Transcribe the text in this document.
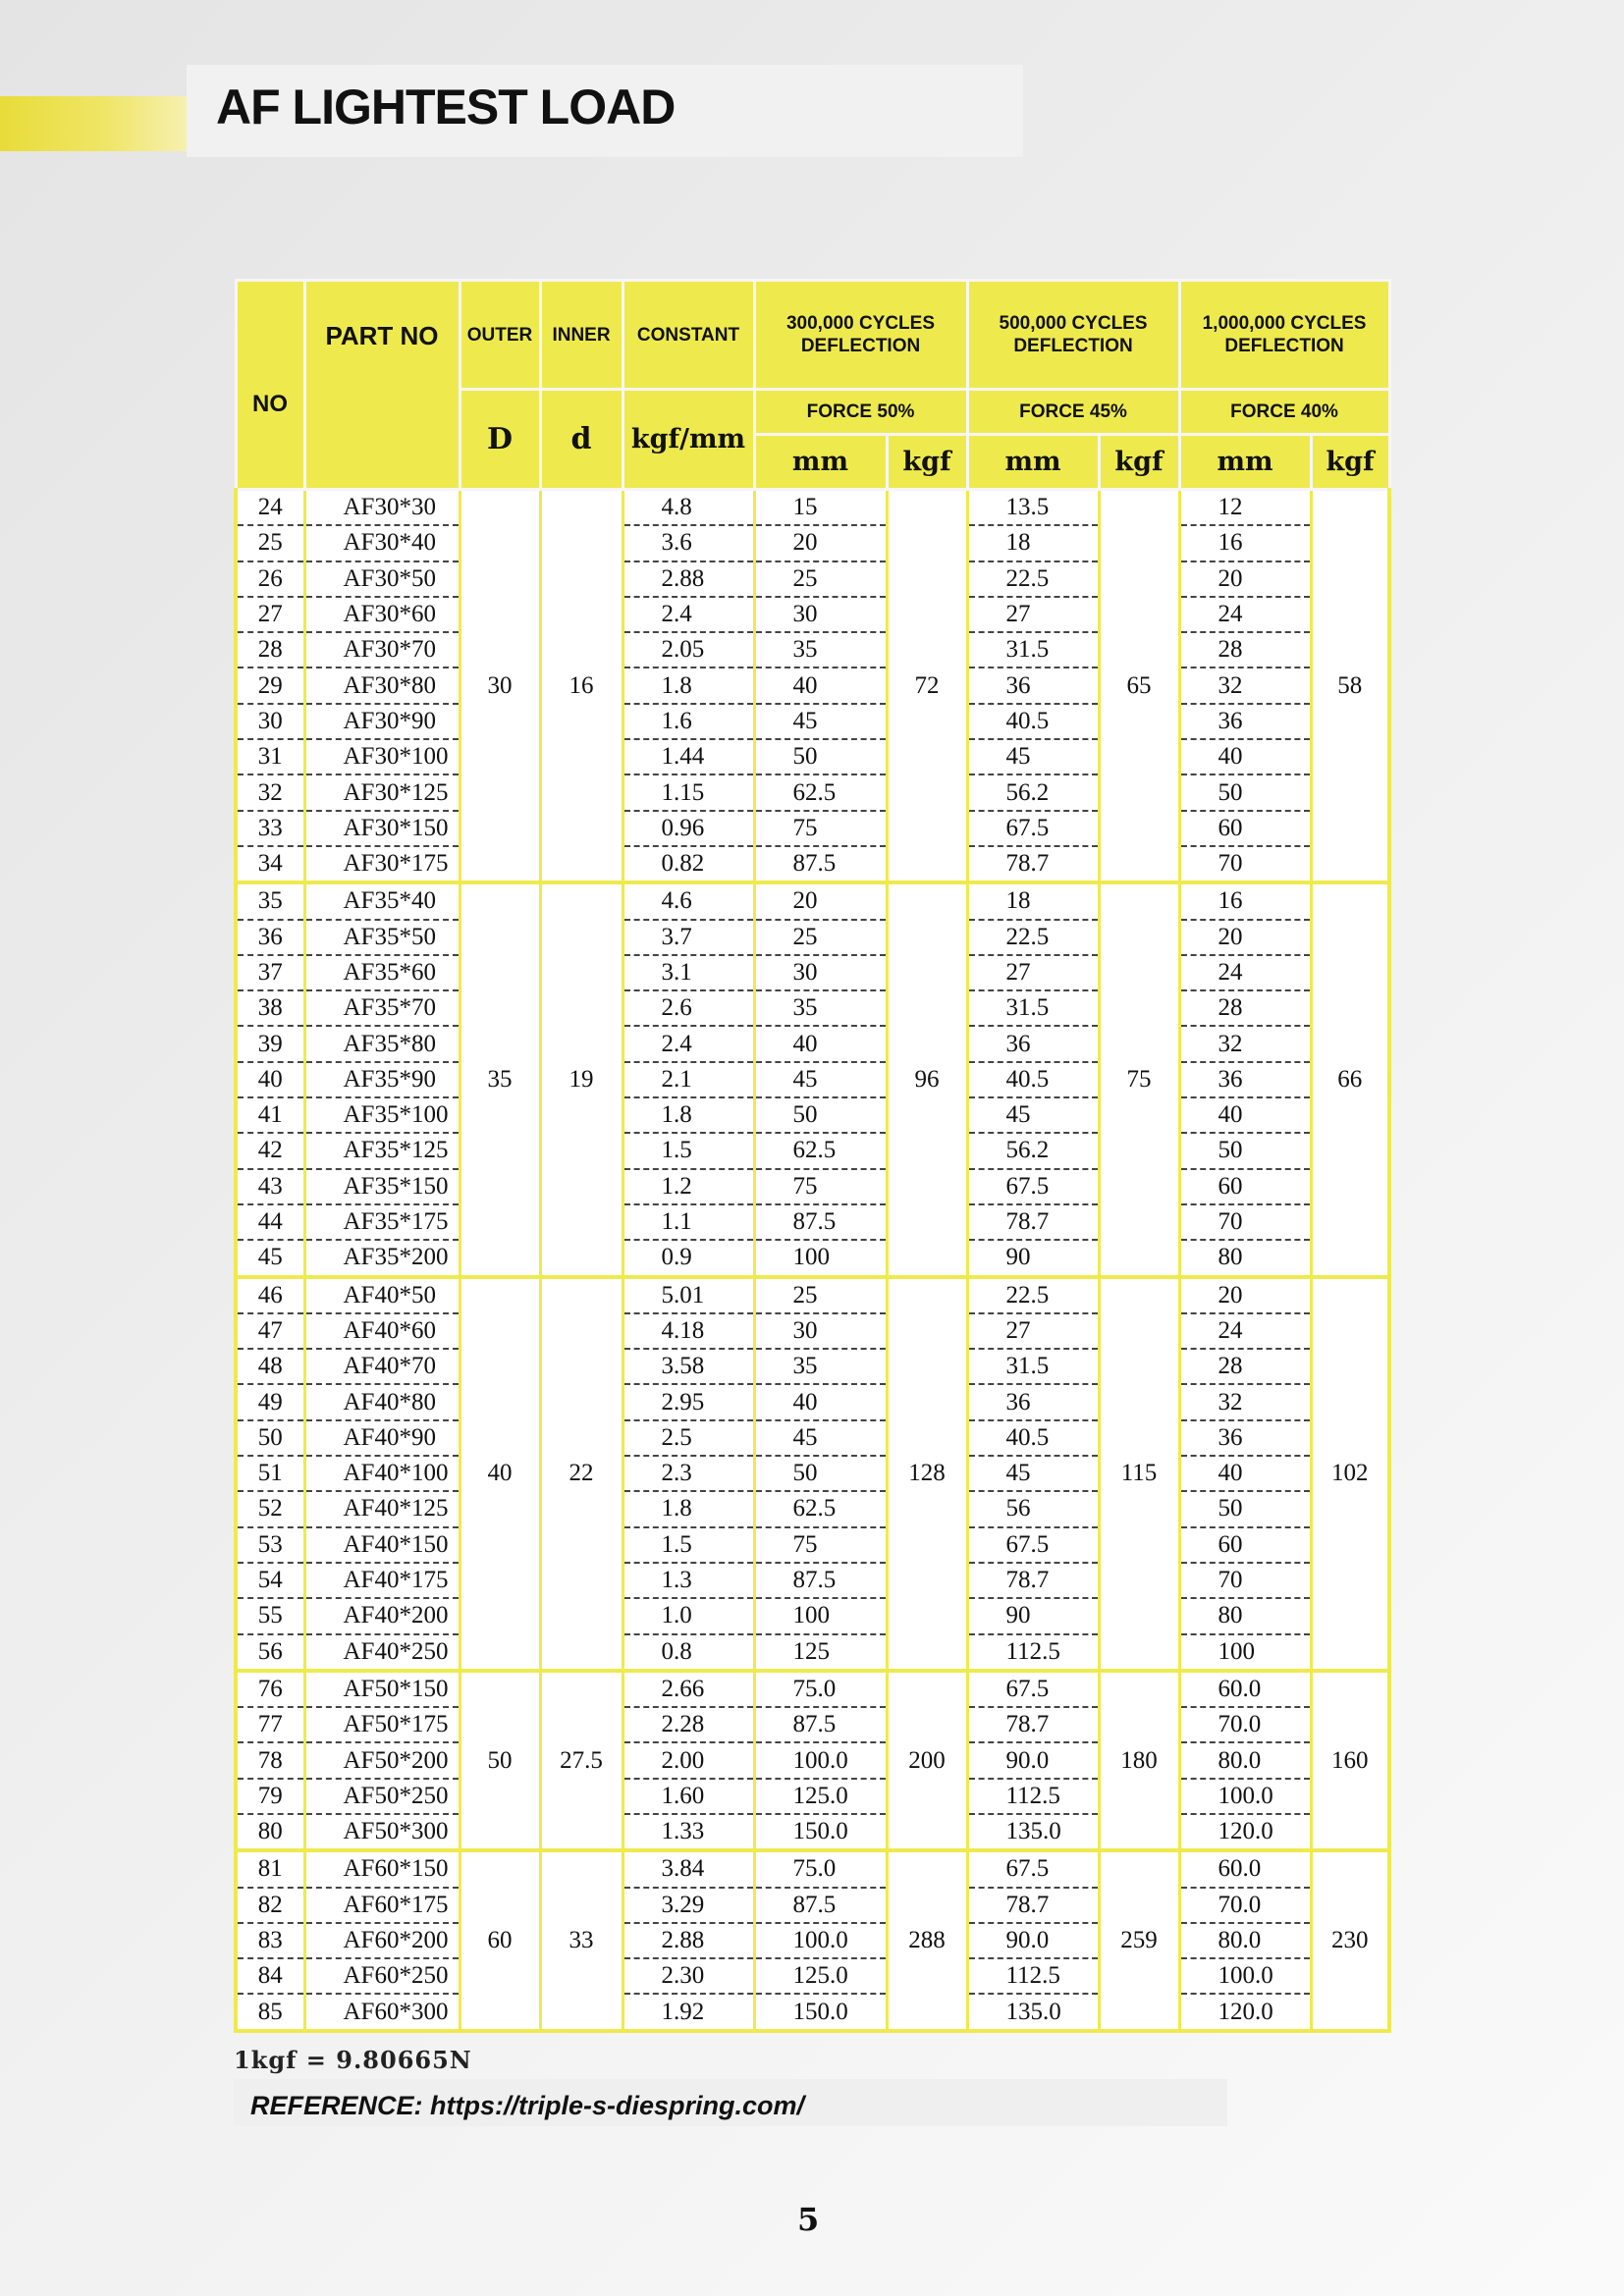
AF LIGHTEST LOAD
NO	PART NO	OUTER	INNER	CONSTANT	300,000 CYCLES DEFLECTION		500,000 CYCLES DEFLECTION		1,000,000 CYCLES DEFLECTION	
		D	d	kgf/mm	FORCE 50%		FORCE 45%		FORCE 40%	
					mm	kgf	mm	kgf	mm	kgf
24	AF30*30	30	16	4.8	15	72	13.5	65	12	58
25	AF30*40			3.6	20		18		16	
26	AF30*50			2.88	25		22.5		20	
27	AF30*60			2.4	30		27		24	
28	AF30*70			2.05	35		31.5		28	
29	AF30*80			1.8	40		36		32	
30	AF30*90			1.6	45		40.5		36	
31	AF30*100			1.44	50		45		40	
32	AF30*125			1.15	62.5		56.2		50	
33	AF30*150			0.96	75		67.5		60	
34	AF30*175			0.82	87.5		78.7		70	
35	AF35*40	35	19	4.6	20	96	18	75	16	66
36	AF35*50			3.7	25		22.5		20	
37	AF35*60			3.1	30		27		24	
38	AF35*70			2.6	35		31.5		28	
39	AF35*80			2.4	40		36		32	
40	AF35*90			2.1	45		40.5		36	
41	AF35*100			1.8	50		45		40	
42	AF35*125			1.5	62.5		56.2		50	
43	AF35*150			1.2	75		67.5		60	
44	AF35*175			1.1	87.5		78.7		70	
45	AF35*200			0.9	100		90		80	
46	AF40*50	40	22	5.01	25	128	22.5	115	20	102
47	AF40*60			4.18	30		27		24	
48	AF40*70			3.58	35		31.5		28	
49	AF40*80			2.95	40		36		32	
50	AF40*90			2.5	45		40.5		36	
51	AF40*100			2.3	50		45		40	
52	AF40*125			1.8	62.5		56		50	
53	AF40*150			1.5	75		67.5		60	
54	AF40*175			1.3	87.5		78.7		70	
55	AF40*200			1.0	100		90		80	
56	AF40*250			0.8	125		112.5		100	
76	AF50*150	50	27.5	2.66	75.0	200	67.5	180	60.0	160
77	AF50*175			2.28	87.5		78.7		70.0	
78	AF50*200			2.00	100.0		90.0		80.0	
79	AF50*250			1.60	125.0		112.5		100.0	
80	AF50*300			1.33	150.0		135.0		120.0	
81	AF60*150	60	33	3.84	75.0	288	67.5	259	60.0	230
82	AF60*175			3.29	87.5		78.7		70.0	
83	AF60*200			2.88	100.0		90.0		80.0	
84	AF60*250			2.30	125.0		112.5		100.0	
85	AF60*300			1.92	150.0		135.0		120.0	
1kgf = 9.80665N
REFERENCE: https://triple-s-diespring.com/
5
